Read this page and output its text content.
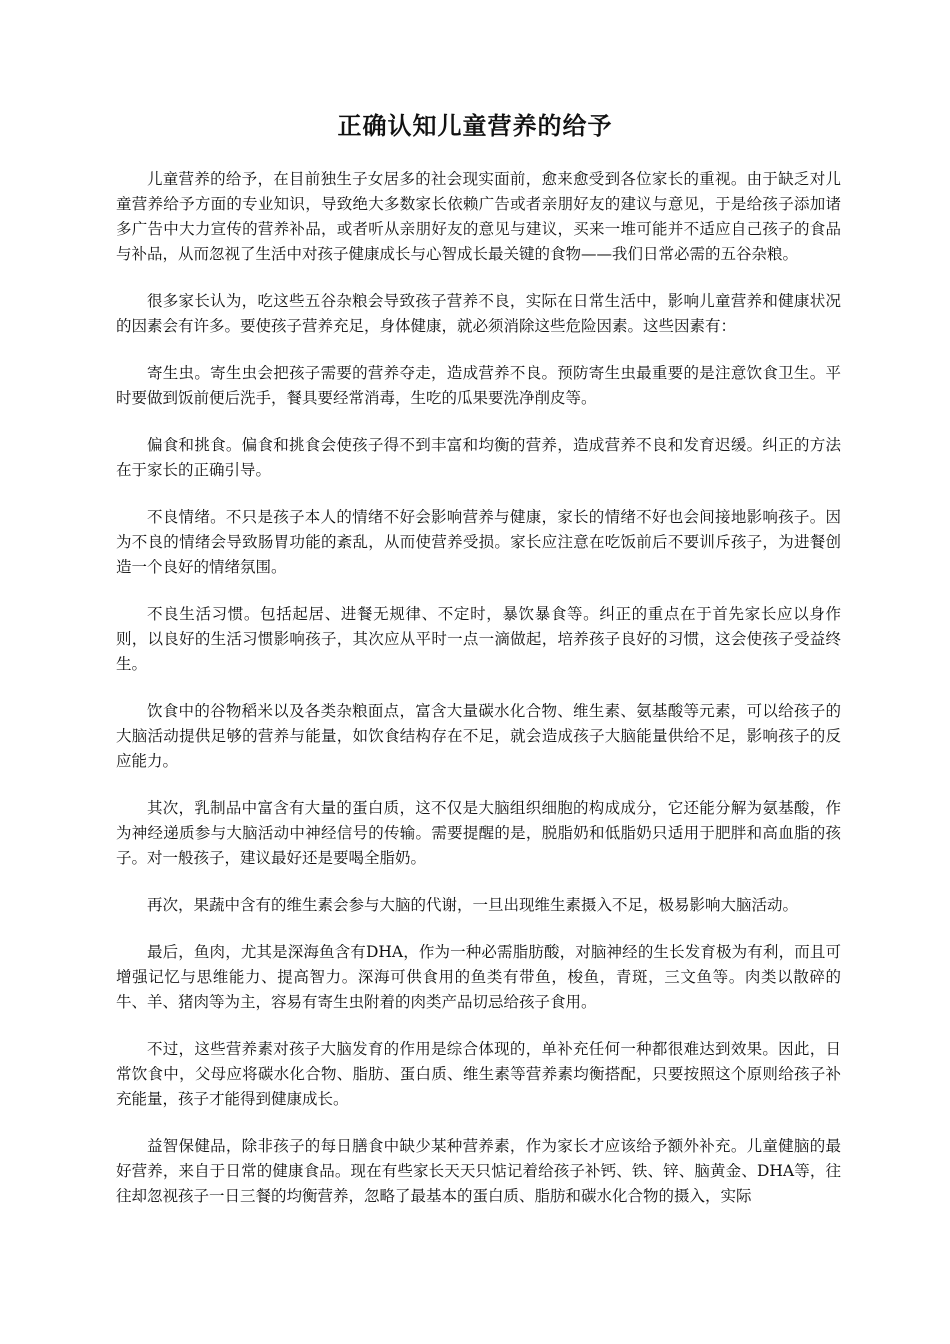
正确认知儿童营养的给予

儿童营养的给予，在目前独生子女居多的社会现实面前，愈来愈受到各位家长的重视。由于缺乏对儿童营养给予方面的专业知识，导致绝大多数家长依赖广告或者亲朋好友的建议与意见，于是给孩子添加诸多广告中大力宣传的营养补品，或者听从亲朋好友的意见与建议，买来一堆可能并不适应自己孩子的食品与补品，从而忽视了生活中对孩子健康成长与心智成长最关键的食物——我们日常必需的五谷杂粮。

很多家长认为，吃这些五谷杂粮会导致孩子营养不良，实际在日常生活中，影响儿童营养和健康状况的因素会有许多。要使孩子营养充足，身体健康，就必须消除这些危险因素。这些因素有：

寄生虫。寄生虫会把孩子需要的营养夺走，造成营养不良。预防寄生虫最重要的是注意饮食卫生。平时要做到饭前便后洗手，餐具要经常消毒，生吃的瓜果要洗净削皮等。

偏食和挑食。偏食和挑食会使孩子得不到丰富和均衡的营养，造成营养不良和发育迟缓。纠正的方法在于家长的正确引导。

不良情绪。不只是孩子本人的情绪不好会影响营养与健康，家长的情绪不好也会间接地影响孩子。因为不良的情绪会导致肠胃功能的紊乱，从而使营养受损。家长应注意在吃饭前后不要训斥孩子，为进餐创造一个良好的情绪氛围。

不良生活习惯。包括起居、进餐无规律、不定时，暴饮暴食等。纠正的重点在于首先家长应以身作则，以良好的生活习惯影响孩子，其次应从平时一点一滴做起，培养孩子良好的习惯，这会使孩子受益终生。

饮食中的谷物稻米以及各类杂粮面点，富含大量碳水化合物、维生素、氨基酸等元素，可以给孩子的大脑活动提供足够的营养与能量，如饮食结构存在不足，就会造成孩子大脑能量供给不足，影响孩子的反应能力。

其次，乳制品中富含有大量的蛋白质，这不仅是大脑组织细胞的构成成分，它还能分解为氨基酸，作为神经递质参与大脑活动中神经信号的传输。需要提醒的是，脱脂奶和低脂奶只适用于肥胖和高血脂的孩子。对一般孩子，建议最好还是要喝全脂奶。

再次，果蔬中含有的维生素会参与大脑的代谢，一旦出现维生素摄入不足，极易影响大脑活动。

最后，鱼肉，尤其是深海鱼含有DHA，作为一种必需脂肪酸，对脑神经的生长发育极为有利，而且可增强记忆与思维能力、提高智力。深海可供食用的鱼类有带鱼，梭鱼，青斑，三文鱼等。肉类以散碎的牛、羊、猪肉等为主，容易有寄生虫附着的肉类产品切忌给孩子食用。

不过，这些营养素对孩子大脑发育的作用是综合体现的，单补充任何一种都很难达到效果。因此，日常饮食中，父母应将碳水化合物、脂肪、蛋白质、维生素等营养素均衡搭配，只要按照这个原则给孩子补充能量，孩子才能得到健康成长。

益智保健品，除非孩子的每日膳食中缺少某种营养素，作为家长才应该给予额外补充。儿童健脑的最好营养，来自于日常的健康食品。现在有些家长天天只惦记着给孩子补钙、铁、锌、脑黄金、DHA等，往往却忽视孩子一日三餐的均衡营养，忽略了最基本的蛋白质、脂肪和碳水化合物的摄入，实际
